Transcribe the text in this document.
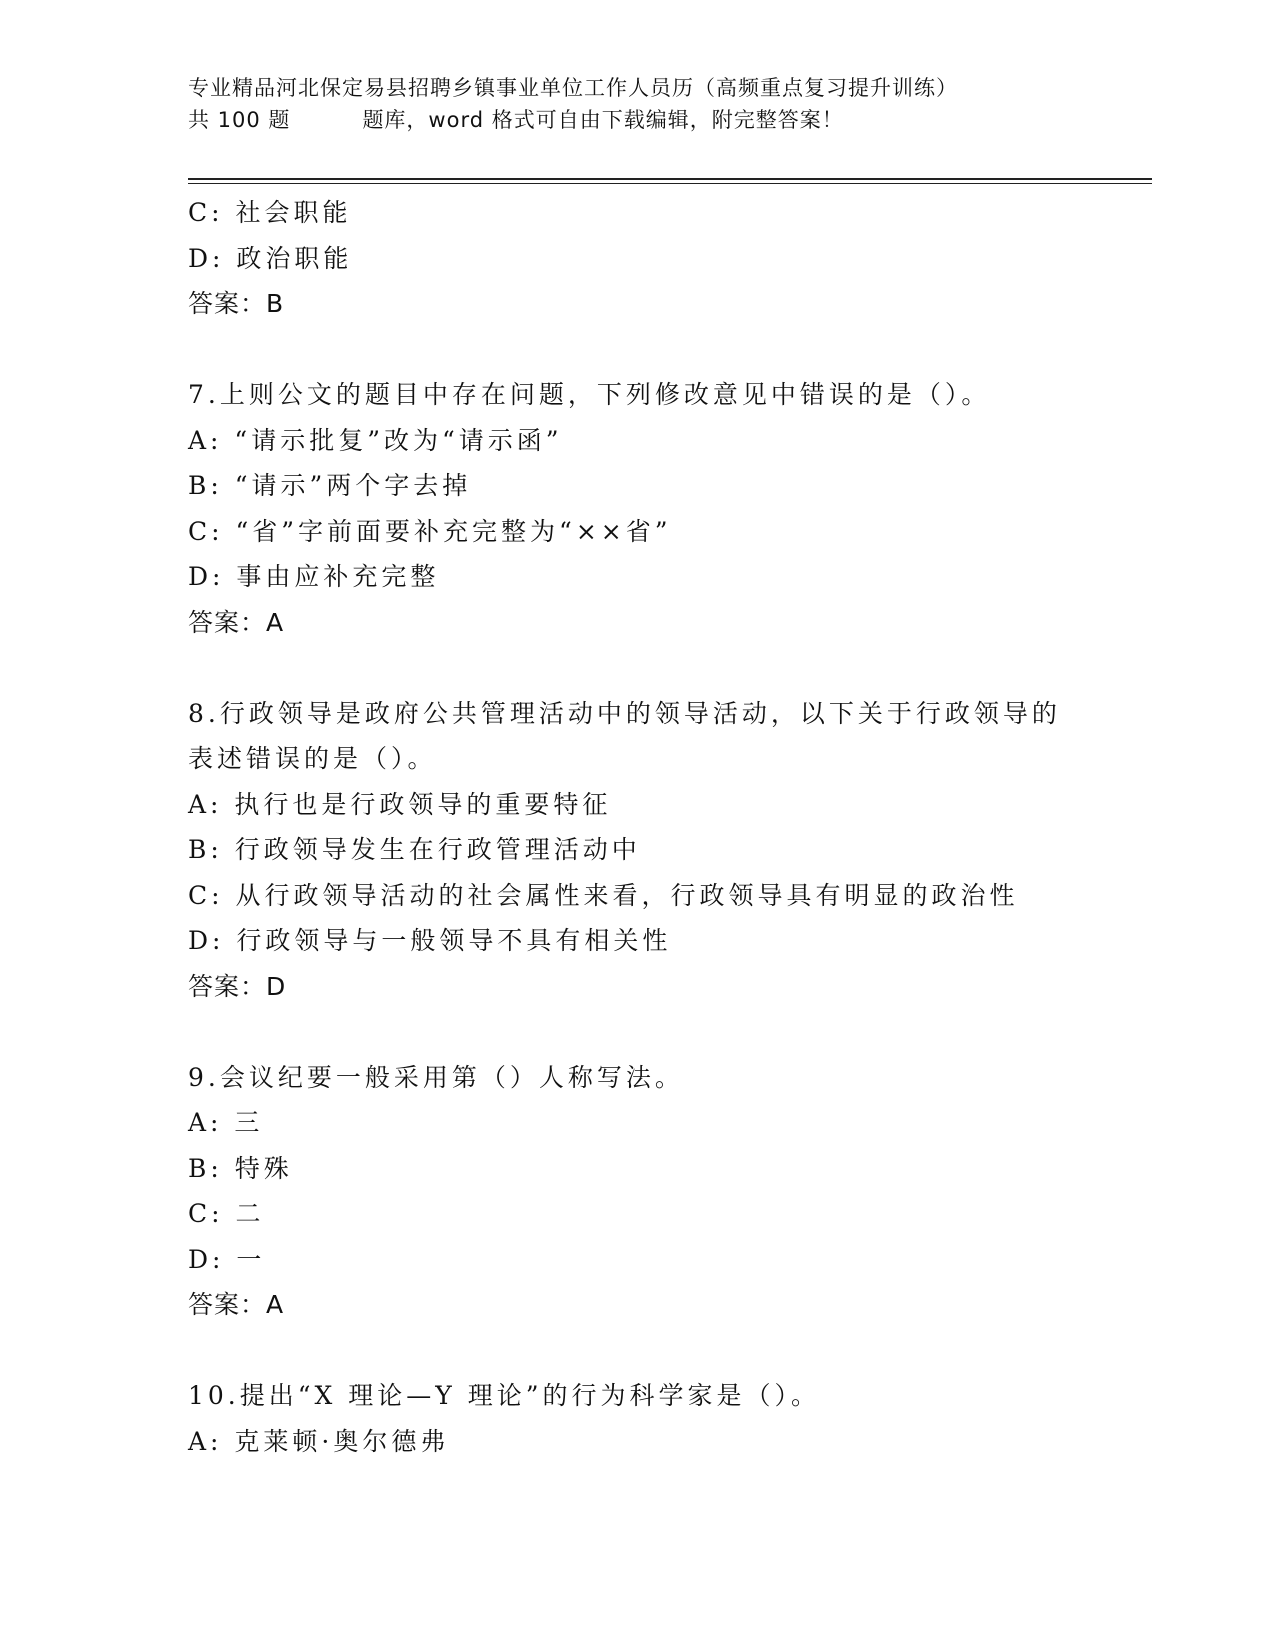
专业精品河北保定易县招聘乡镇事业单位工作人员历（高频重点复习提升训练）
共 100 题	题库，word 格式可自由下载编辑，附完整答案！
C: 社会职能
D: 政治职能
答案：B
7.上则公文的题目中存在问题，下列修改意见中错误的是（）。
A: “请示批复”改为“请示函”
B: “请示”两个字去掉
C: “省”字前面要补充完整为“××省”
D: 事由应补充完整
答案：A
8.行政领导是政府公共管理活动中的领导活动，以下关于行政领导的
表述错误的是（）。
A: 执行也是行政领导的重要特征
B: 行政领导发生在行政管理活动中
C: 从行政领导活动的社会属性来看，行政领导具有明显的政治性
D: 行政领导与一般领导不具有相关性
答案：D
9.会议纪要一般采用第（）人称写法。
A: 三
B: 特殊
C: 二
D: 一
答案：A
10.提出“X 理论—Y 理论”的行为科学家是（）。
A: 克莱顿·奥尔德弗
